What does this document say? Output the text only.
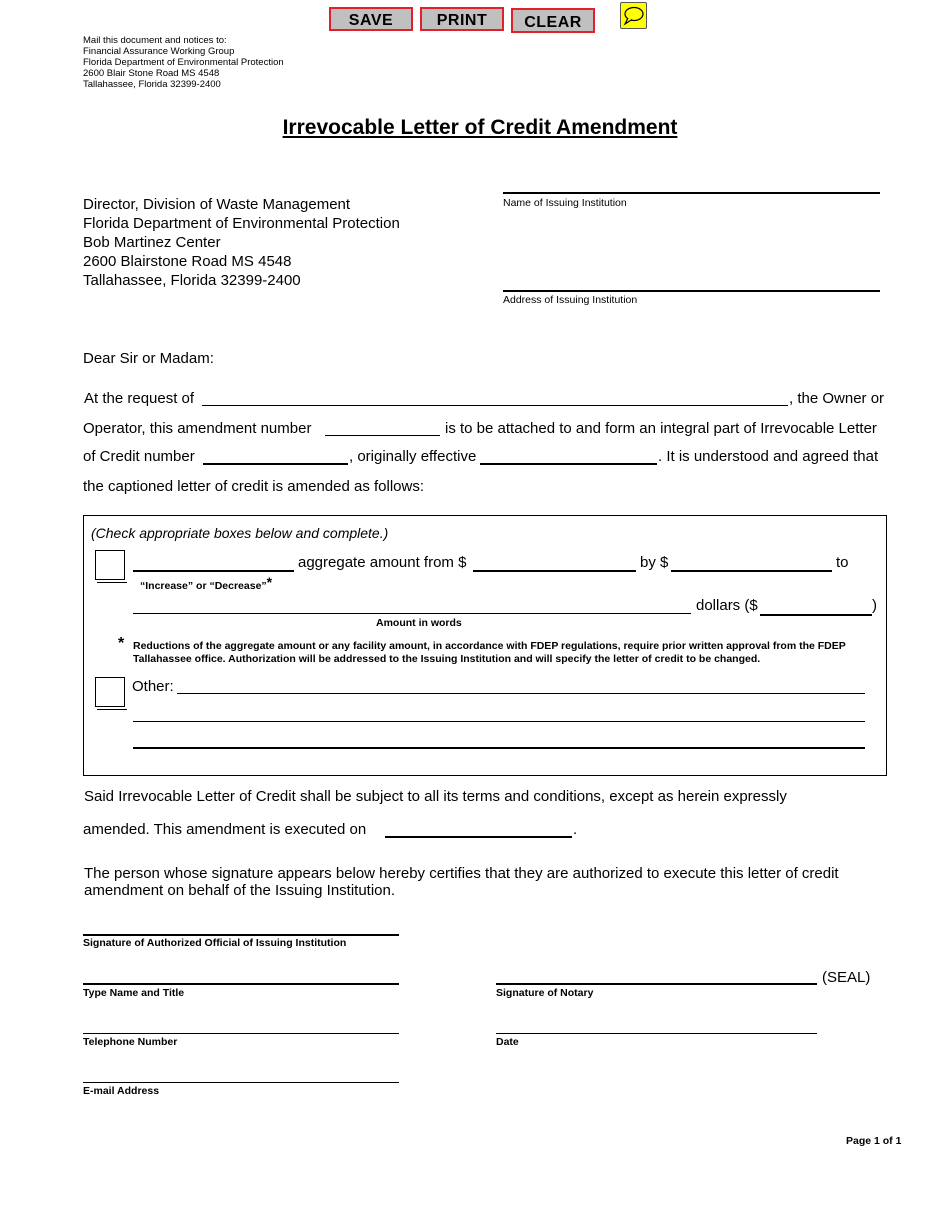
SAVE	PRINT	CLEAR
Mail this document and notices to:
Financial Assurance Working Group
Florida Department of Environmental Protection
2600 Blair Stone Road MS 4548
Tallahassee, Florida 32399-2400
Irrevocable Letter of Credit Amendment
Director, Division of Waste Management
Florida Department of Environmental Protection
Bob Martinez Center
2600 Blairstone Road MS 4548
Tallahassee, Florida 32399-2400
Name of Issuing Institution
Address of Issuing Institution
Dear Sir or Madam:
At the request of	, the Owner or
Operator, this amendment number	is to be attached to and form an integral part of Irrevocable Letter
of Credit number	, originally effective	. It is understood and agreed that
the captioned letter of credit is amended as follows:
(Check appropriate boxes below and complete.)
aggregate amount from $	by $	to
“Increase” or “Decrease”*
dollars ($	)
Amount in words
* Reductions of the aggregate amount or any facility amount, in accordance with FDEP regulations, require prior written approval from the FDEP
Tallahassee office. Authorization will be addressed to the Issuing Institution and will specify the letter of credit to be changed.
Other:
Said Irrevocable Letter of Credit shall be subject to all its terms and conditions, except as herein expressly
amended. This amendment is executed on	.
The person whose signature appears below hereby certifies that they are authorized to execute this letter of credit amendment on behalf of the Issuing Institution.
Signature of Authorized Official of Issuing Institution
Type Name and Title
Telephone Number
E-mail Address
Signature of Notary
(SEAL)
Date
Page 1 of 1
